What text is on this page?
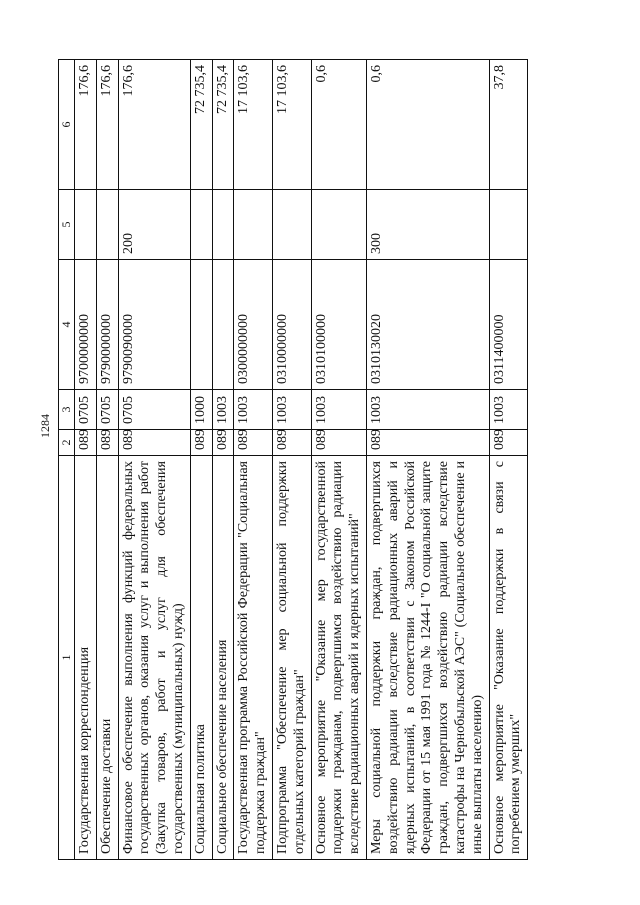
1284
1	2	3	4	5	6
Государственная корреспонденция	089	0705	9700000000		176,6
Обеспечение доставки	089	0705	9790000000		176,6
Финансовое обеспечение выполнения функций федеральных государственных органов, оказания услуг и выполнения работ (Закупка товаров, работ и услуг для обеспечения государственных (муниципальных) нужд)	089	0705	9790090000	200	176,6
Социальная политика	089	1000			72 735,4
Социальное обеспечение населения	089	1003			72 735,4
Государственная программа Российской Федерации "Социальная поддержка граждан"	089	1003	0300000000		17 103,6
Подпрограмма "Обеспечение мер социальной поддержки отдельных категорий граждан"	089	1003	0310000000		17 103,6
Основное мероприятие "Оказание мер государственной поддержки гражданам, подвергшимся воздействию радиации вследствие радиационных аварий и ядерных испытаний"	089	1003	0310100000		0,6
Меры социальной поддержки граждан, подвергшихся воздействию радиации вследствие радиационных аварий и ядерных испытаний, в соответствии с Законом Российской Федерации от 15 мая 1991 года № 1244-I "О социальной защите граждан, подвергшихся воздействию радиации вследствие катастрофы на Чернобыльской АЭС" (Социальное обеспечение и иные выплаты населению)	089	1003	0310130020	300	0,6
Основное мероприятие "Оказание поддержки в связи с погребением умерших"	089	1003	0311400000		37,8
